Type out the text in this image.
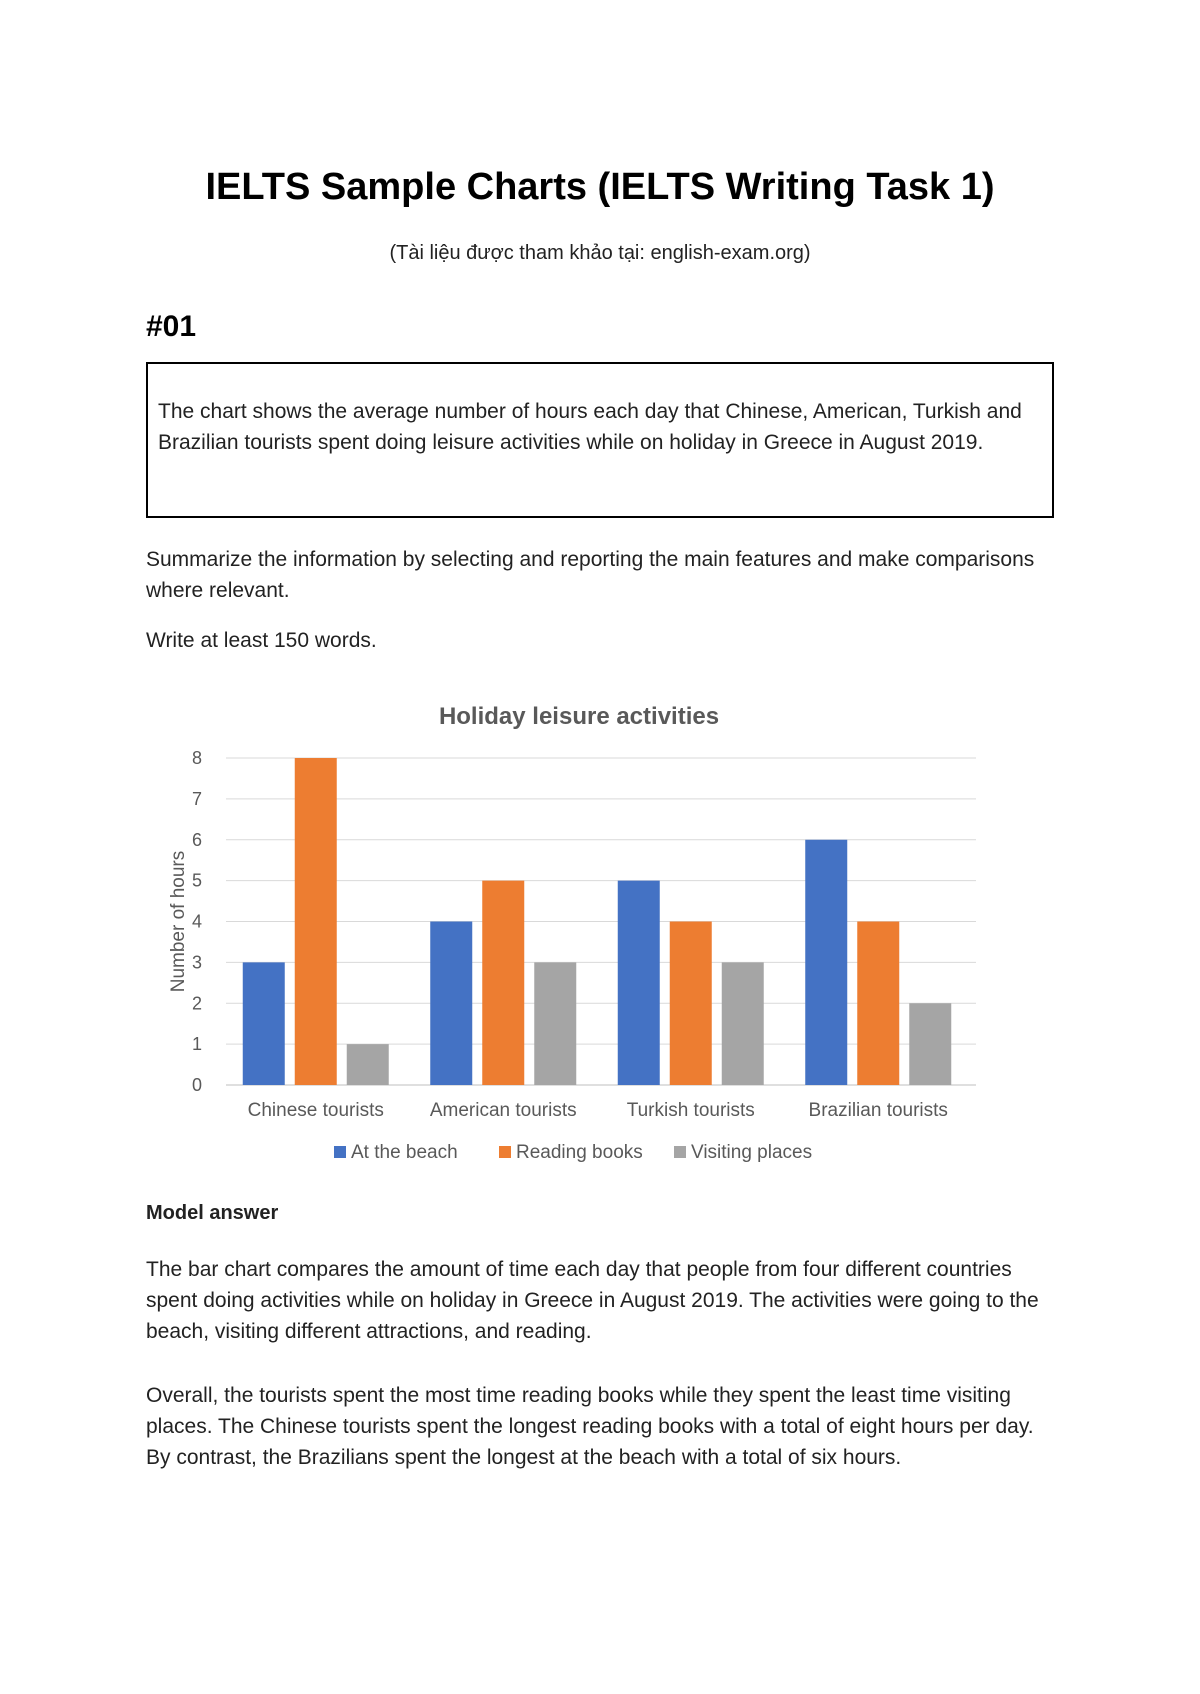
IELTS Sample Charts (IELTS Writing Task 1)

(Tài liệu được tham khảo tại: english-exam.org)

#01

The chart shows the average number of hours each day that Chinese, American, Turkish and Brazilian tourists spent doing leisure activities while on holiday in Greece in August 2019.

Summarize the information by selecting and reporting the main features and make comparisons where relevant.

Write at least 150 words.

Holiday leisure activities
0
1
2
3
4
5
6
7
8
Number of hours
Chinese tourists American tourists	Turkish tourists	Brazilian tourists
At the beach	Reading books	Visiting places
Model answer

The bar chart compares the amount of time each day that people from four different countries spent doing activities while on holiday in Greece in August 2019. The activities were going to the beach, visiting different attractions, and reading.

Overall, the tourists spent the most time reading books while they spent the least time visiting places. The Chinese tourists spent the longest reading books with a total of eight hours per day. By contrast, the Brazilians spent the longest at the beach with a total of six hours.
